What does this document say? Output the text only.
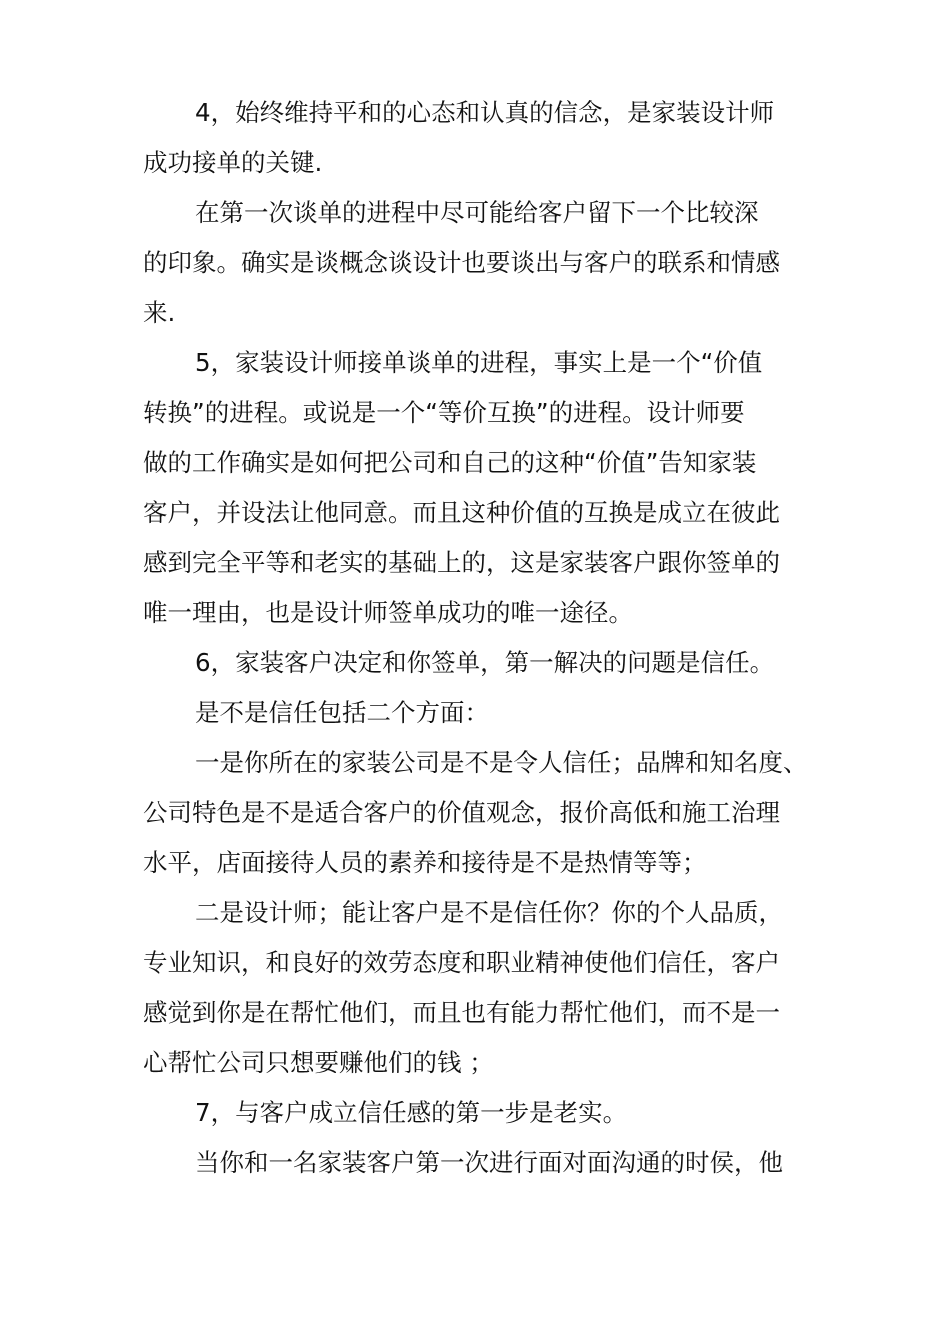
4，始终维持平和的心态和认真的信念，是家装设计师
成功接单的关键.
在第一次谈单的进程中尽可能给客户留下一个比较深
的印象。确实是谈概念谈设计也要谈出与客户的联系和情感
来.
5，家装设计师接单谈单的进程，事实上是一个“价值
转换”的进程。或说是一个“等价互换”的进程。设计师要
做的工作确实是如何把公司和自己的这种“价值”告知家装
客户，并设法让他同意。而且这种价值的互换是成立在彼此
感到完全平等和老实的基础上的，这是家装客户跟你签单的
唯一理由，也是设计师签单成功的唯一途径。
6，家装客户决定和你签单，第一解决的问题是信任。
是不是信任包括二个方面：
一是你所在的家装公司是不是令人信任；品牌和知名度、
公司特色是不是适合客户的价值观念，报价高低和施工治理
水平，店面接待人员的素养和接待是不是热情等等；
二是设计师；能让客户是不是信任你？你的个人品质，
专业知识，和良好的效劳态度和职业精神使他们信任，客户
感觉到你是在帮忙他们，而且也有能力帮忙他们，而不是一
心帮忙公司只想要赚他们的钱 ；
7，与客户成立信任感的第一步是老实。
当你和一名家装客户第一次进行面对面沟通的时侯，他
